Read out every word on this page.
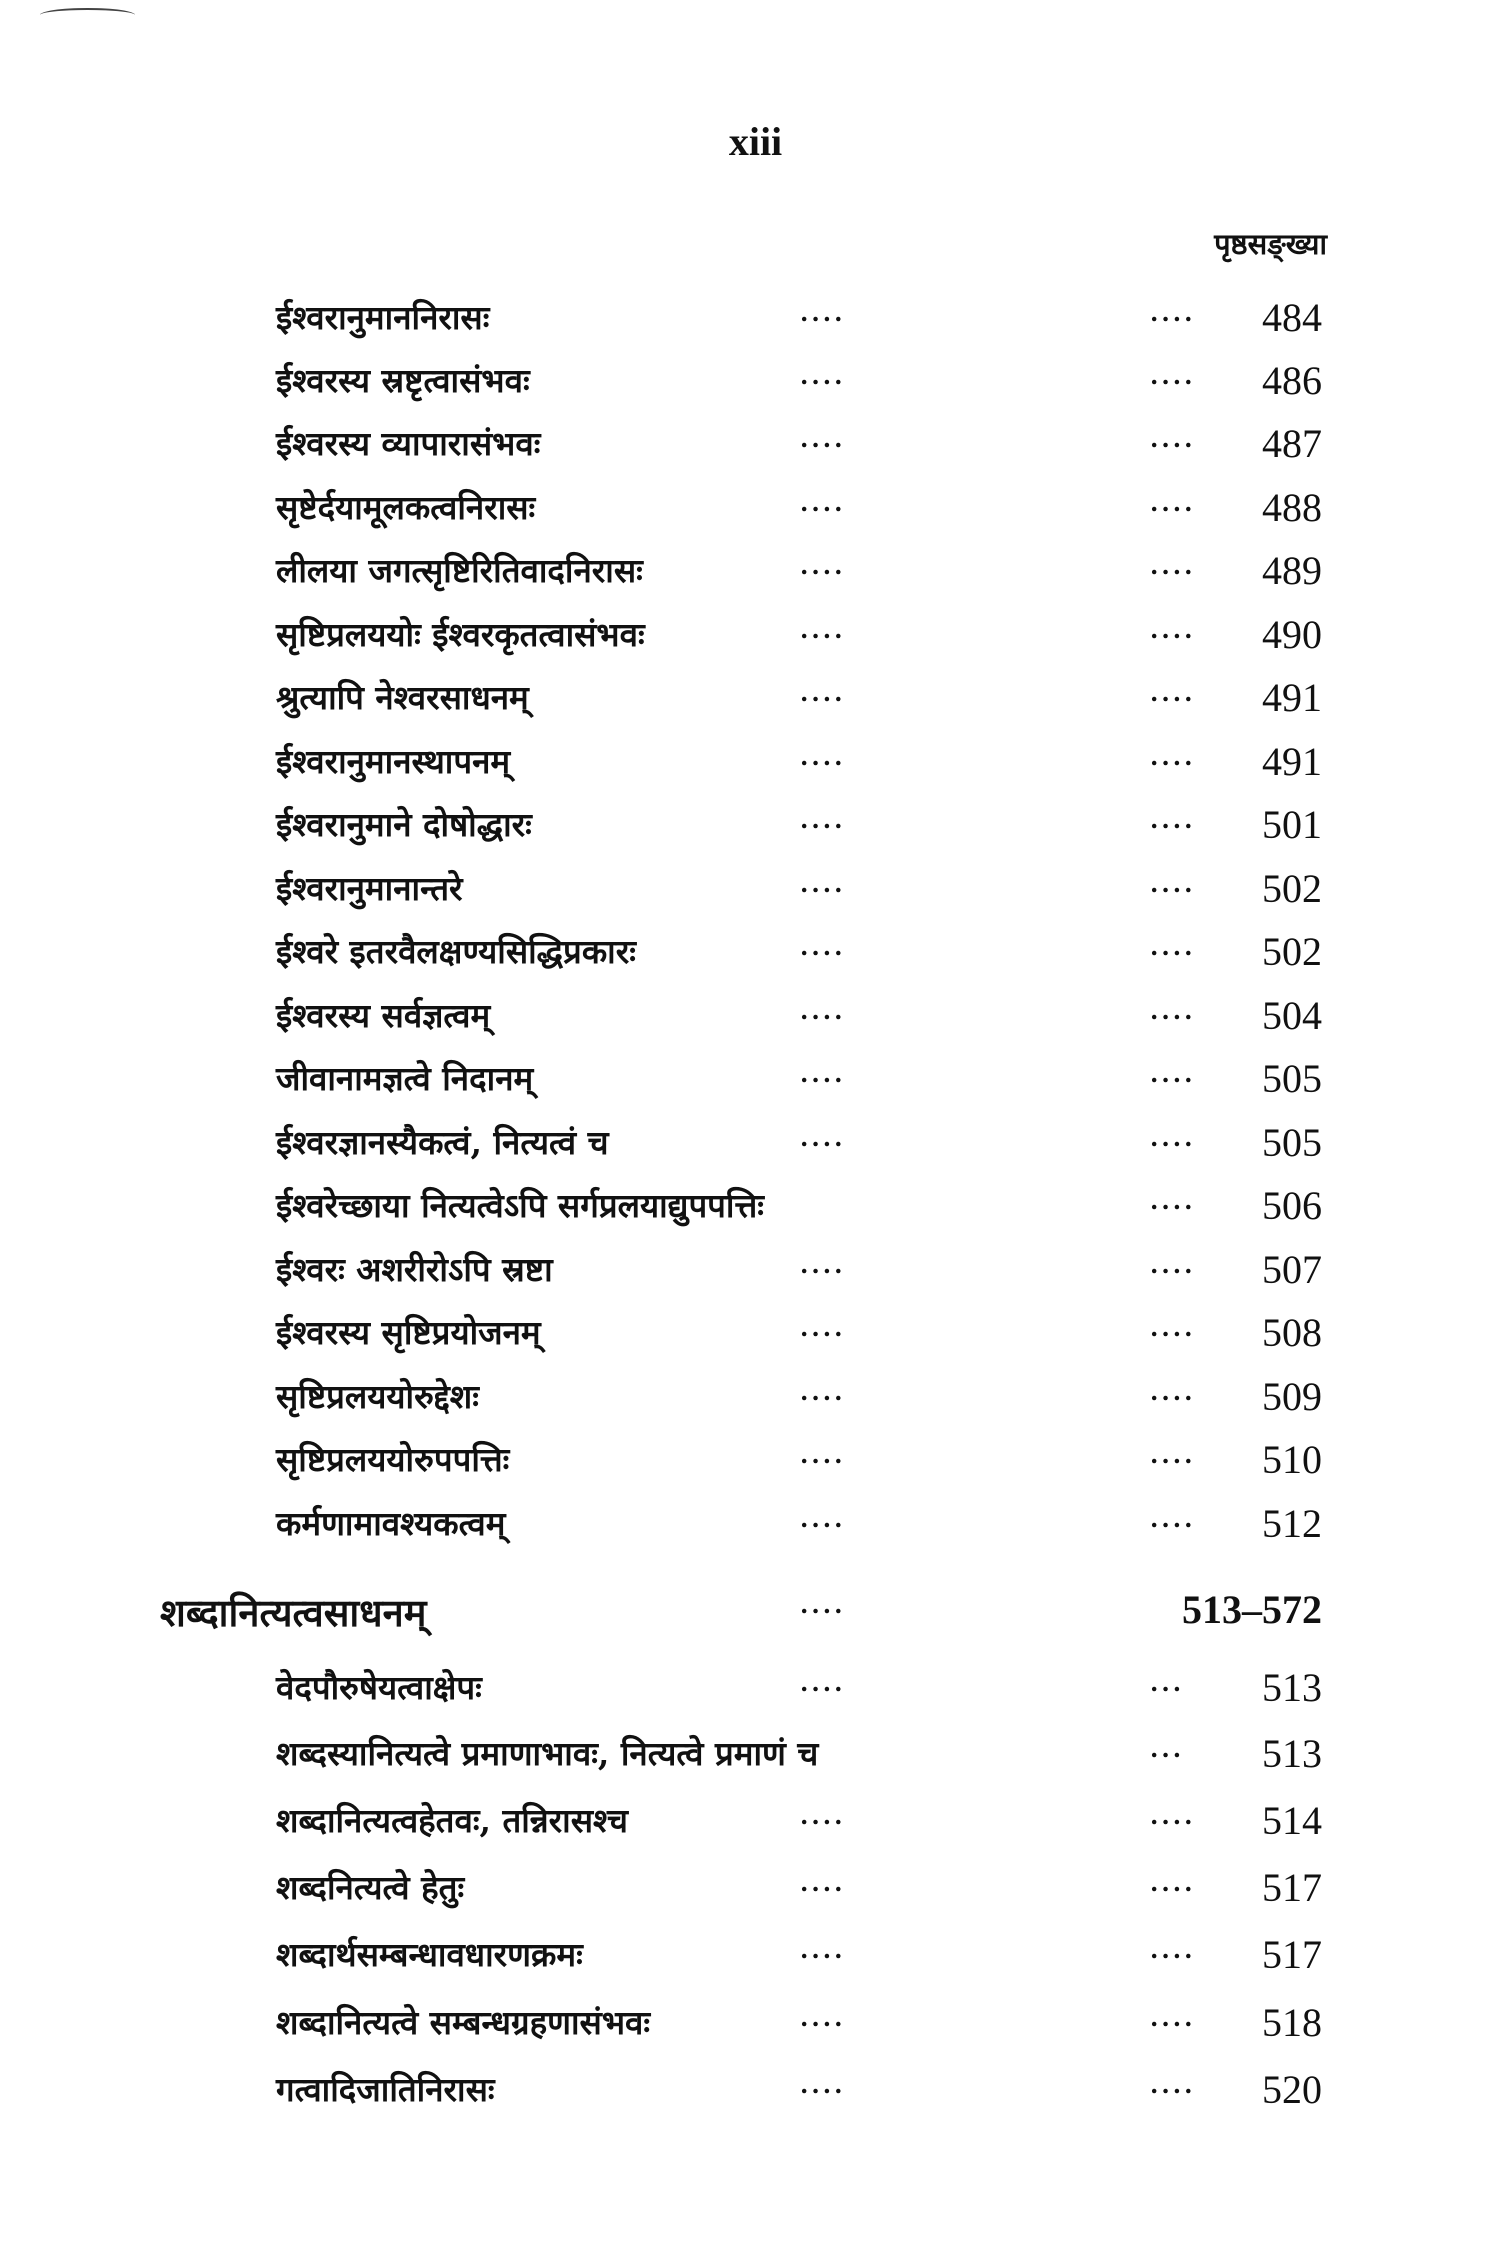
xiii
पृष्ठसङ्ख्या
ईश्वरानुमाननिरासः	....	.... 484
ईश्वरस्य स्रष्टृत्वासंभवः	....	.... 486
ईश्वरस्य व्यापारासंभवः	....	.... 487
सृष्टेर्दयामूलकत्वनिरासः	....	.... 488
लीलया जगत्सृष्टिरितिवादनिरासः	....	.... 489
सृष्टिप्रलययोः ईश्वरकृतत्वासंभवः	....	.... 490
श्रुत्यापि नेश्वरसाधनम्	....	.... 491
ईश्वरानुमानस्थापनम्	....	.... 491
ईश्वरानुमाने दोषोद्धारः	....	.... 501
ईश्वरानुमानान्तरे	....	.... 502
ईश्वरे इतरवैलक्षण्यसिद्धिप्रकारः	....	.... 502
ईश्वरस्य सर्वज्ञत्वम्	....	.... 504
जीवानामज्ञत्वे निदानम्	....	.... 505
ईश्वरज्ञानस्यैकत्वं, नित्यत्वं च	....	.... 505
ईश्वरेच्छाया नित्यत्वेऽपि सर्गप्रलयाद्युपपत्तिः	.... 506
ईश्वरः अशरीरोऽपि स्रष्टा	....	.... 507
ईश्वरस्य सृष्टिप्रयोजनम्	....	.... 508
सृष्टिप्रलययोरुद्देशः	....	.... 509
सृष्टिप्रलययोरुपपत्तिः	....	.... 510
कर्मणामावश्यकत्वम्	....	.... 512
शब्दानित्यत्वसाधनम्	....	513–572
वेदपौरुषेयत्वाक्षेपः	....	... 513
शब्दस्यानित्यत्वे प्रमाणाभावः, नित्यत्वे प्रमाणं च	... 513
शब्दानित्यत्वहेतवः, तन्निरासश्च	....	.... 514
शब्दनित्यत्वे हेतुः	....	.... 517
शब्दार्थसम्बन्धावधारणक्रमः	....	.... 517
शब्दानित्यत्वे सम्बन्धग्रहणासंभवः	....	.... 518
गत्वादिजातिनिरासः	....	.... 520
